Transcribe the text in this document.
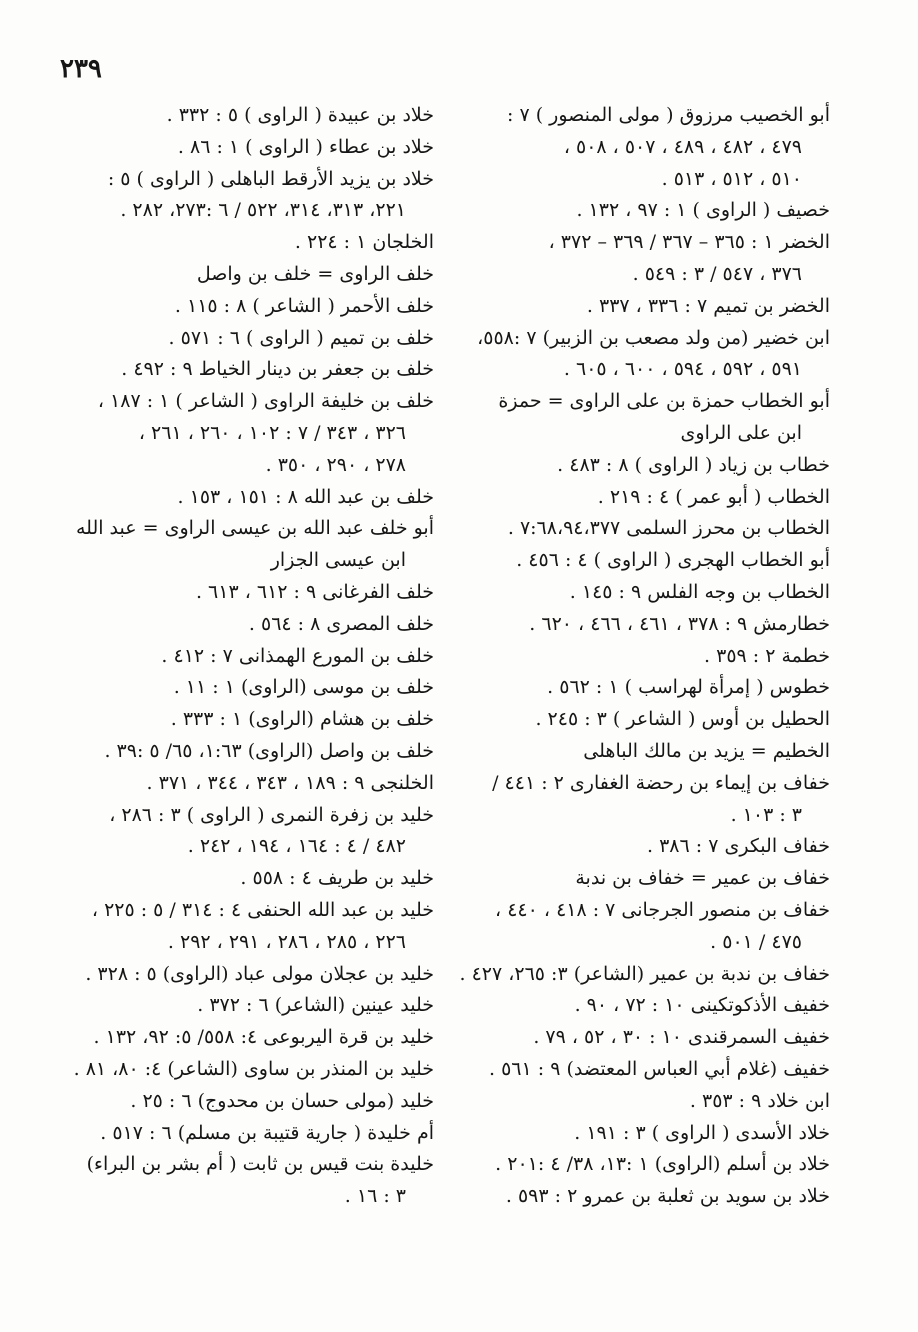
٢٣٩
أبو الخصيب مرزوق ( مولى المنصور ) ٧ :
٤٧٩ ، ٤٨٢ ، ٤٨٩ ، ٥٠٧ ، ٥٠٨ ،
٥١٠ ، ٥١٢ ، ٥١٣ .
خصيف ( الراوى ) ١ : ٩٧ ، ١٣٢ .
الخضر ١ : ٣٦٥ – ٣٦٧ / ٣٦٩ – ٣٧٢ ،
٣٧٦ ، ٥٤٧ / ٣ : ٥٤٩ .
الخضر بن تميم ٧ : ٣٣٦ ، ٣٣٧ .
ابن خضير (من ولد مصعب بن الزبير) ٧ :٥٥٨،
٥٩١ ، ٥٩٢ ، ٥٩٤ ، ٦٠٠ ، ٦٠٥ .
أبو الخطاب حمزة بن على الراوى = حمزة
ابن على الراوى
خطاب بن زياد ( الراوى ) ٨ : ٤٨٣ .
الخطاب ( أبو عمر ) ٤ : ٢١٩ .
الخطاب بن محرز السلمى ٧:٦٨،٩٤،٣٧٧ .
أبو الخطاب الهجرى ( الراوى ) ٤ : ٤٥٦ .
الخطاب بن وجه الفلس ٩ : ١٤٥ .
خطارمش ٩ : ٣٧٨ ، ٤٦١ ، ٤٦٦ ، ٦٢٠ .
خطمة ٢ : ٣٥٩ .
خطوس ( إمرأة لهراسب ) ١ : ٥٦٢ .
الحطيل بن أوس ( الشاعر ) ٣ : ٢٤٥ .
الخطيم = يزيد بن مالك الباهلى
خفاف بن إيماء بن رحضة الغفارى ٢ : ٤٤١ /
٣ : ١٠٣ .
خفاف البكرى ٧ : ٣٨٦ .
خفاف بن عمير = خفاف بن ندبة
خفاف بن منصور الجرجانى ٧ : ٤١٨ ، ٤٤٠ ،
٤٧٥ / ٥٠١ .
خفاف بن ندبة بن عمير (الشاعر) ٣: ٢٦٥، ٤٢٧ .
خفيف الأذكوتكينى ١٠ : ٧٢ ، ٩٠ .
خفيف السمرقندى ١٠ : ٣٠ ، ٥٢ ، ٧٩ .
خفيف (غلام أبي العباس المعتضد) ٩ : ٥٦١ .
ابن خلاد ٩ : ٣٥٣ .
خلاد الأسدى ( الراوى ) ٣ : ١٩١ .
خلاد بن أسلم (الراوى) ١ :١٣، ٣٨/ ٤ :٢٠١ .
خلاد بن سويد بن ثعلبة بن عمرو ٢ : ٥٩٣ .
خلاد بن عبيدة ( الراوى ) ٥ : ٣٣٢ .
خلاد بن عطاء ( الراوى ) ١ : ٨٦ .
خلاد بن يزيد الأرقط الباهلى ( الراوى ) ٥ :
٢٢١، ٣١٣، ٣١٤، ٥٢٢ / ٦ :٢٧٣، ٢٨٢ .
الخلجان ١ : ٢٢٤ .
خلف الراوى = خلف بن واصل
خلف الأحمر ( الشاعر ) ٨ : ١١٥ .
خلف بن تميم ( الراوى ) ٦ : ٥٧١ .
خلف بن جعفر بن دينار الخياط ٩ : ٤٩٢ .
خلف بن خليفة الراوى ( الشاعر ) ١ : ١٨٧ ،
٣٢٦ ، ٣٤٣ / ٧ : ١٠٢ ، ٢٦٠ ، ٢٦١ ،
٢٧٨ ، ٢٩٠ ، ٣٥٠ .
خلف بن عبد الله ٨ : ١٥١ ، ١٥٣ .
أبو خلف عبد الله بن عيسى الراوى = عبد الله
ابن عيسى الجزار
خلف الفرغانى ٩ : ٦١٢ ، ٦١٣ .
خلف المصرى ٨ : ٥٦٤ .
خلف بن المورع الهمذانى ٧ : ٤١٢ .
خلف بن موسى (الراوى) ١ : ١١ .
خلف بن هشام (الراوى) ١ : ٣٣٣ .
خلف بن واصل (الراوى) ١:٦٣، ٦٥/ ٥ :٣٩ .
الخلنجى ٩ : ١٨٩ ، ٣٤٣ ، ٣٤٤ ، ٣٧١ .
خليد بن زفرة النمرى ( الراوى ) ٣ : ٢٨٦ ،
٤٨٢ / ٤ : ١٦٤ ، ١٩٤ ، ٢٤٢ .
خليد بن طريف ٤ : ٥٥٨ .
خليد بن عبد الله الحنفى ٤ : ٣١٤ / ٥ : ٢٢٥ ،
٢٢٦ ، ٢٨٥ ، ٢٨٦ ، ٢٩١ ، ٢٩٢ .
خليد بن عجلان مولى عباد (الراوى) ٥ : ٣٢٨ .
خليد عينين (الشاعر) ٦ : ٣٧٢ .
خليد بن قرة اليربوعى ٤: ٥٥٨/ ٥: ٩٢، ١٣٢ .
خليد بن المنذر بن ساوى (الشاعر) ٤: ٨٠، ٨١ .
خليد (مولى حسان بن محدوج) ٦ : ٢٥ .
أم خليدة ( جارية قتيبة بن مسلم) ٦ : ٥١٧ .
خليدة بنت قيس بن ثابت ( أم بشر بن البراء)
٣ : ١٦ .
